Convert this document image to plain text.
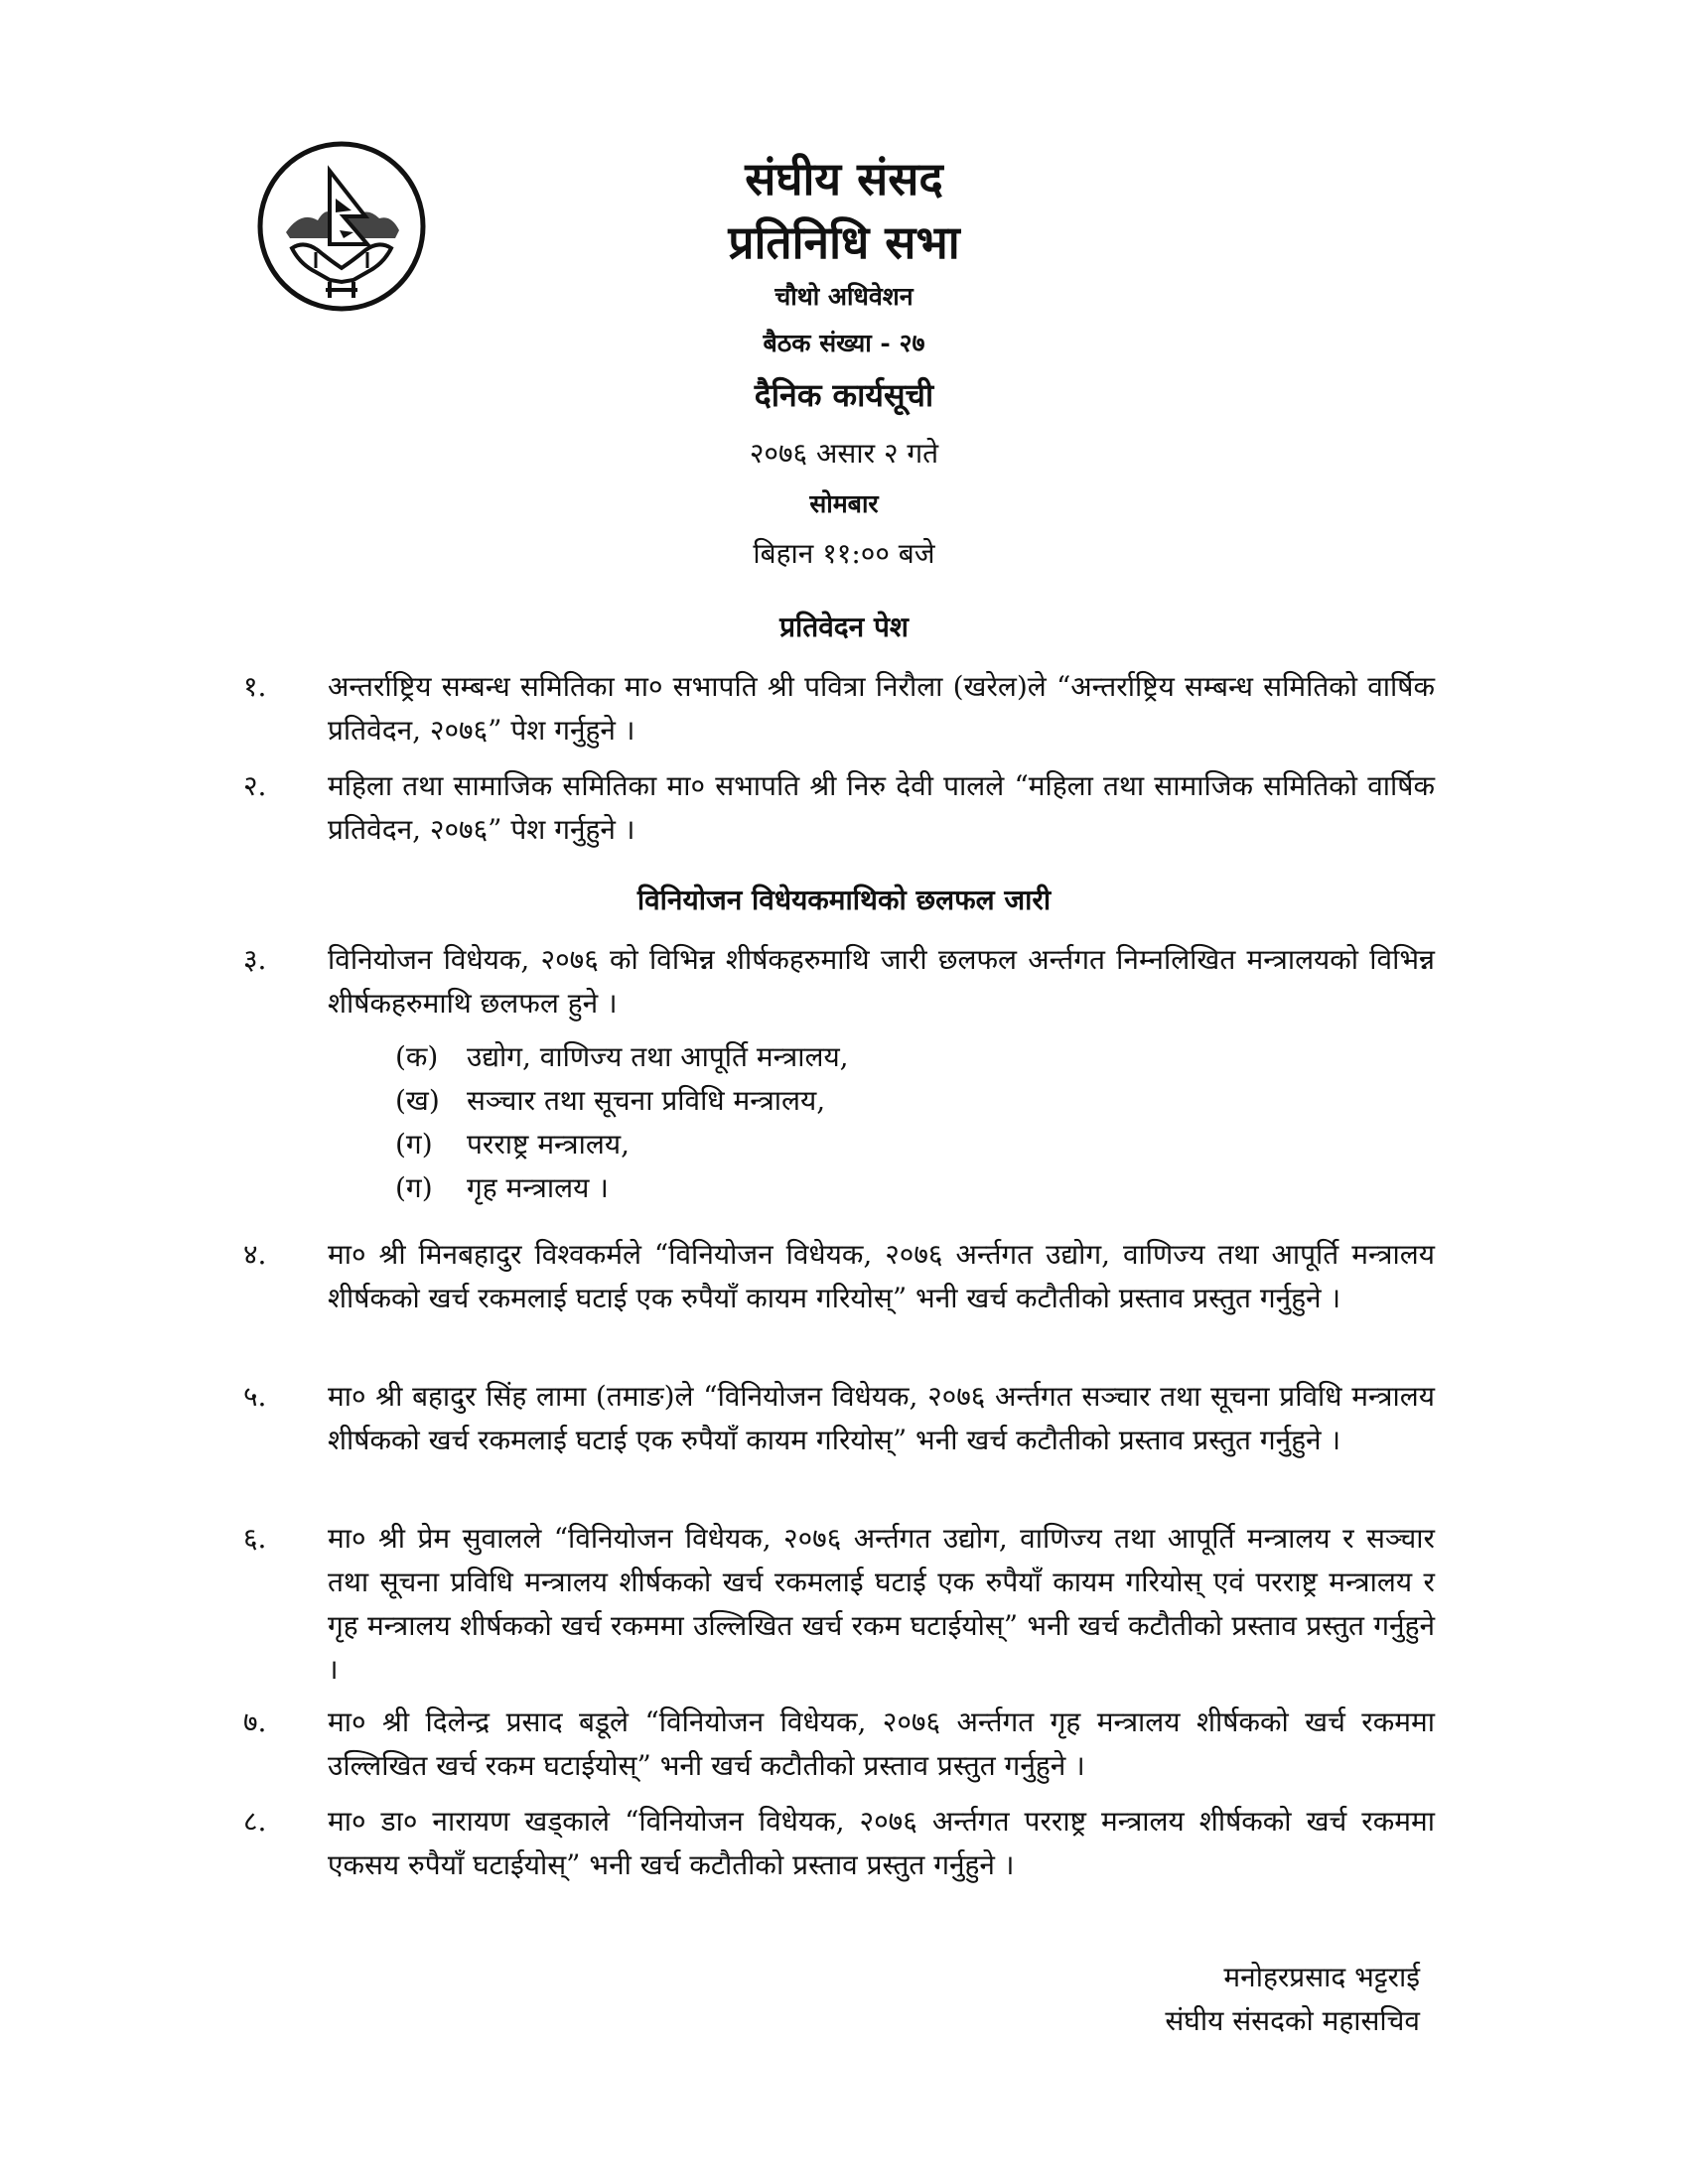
संघीय संसद
प्रतिनिधि सभा
चौथो अधिवेशन
बैठक संख्या - २७
दैनिक कार्यसूची
२०७६ असार २ गते
सोमबार
बिहान ११:०० बजे
प्रतिवेदन पेश
१.	अन्तर्राष्ट्रिय सम्बन्ध समितिका मा० सभापति श्री पवित्रा निरौला (खरेल)ले “अन्तर्राष्ट्रिय सम्बन्ध समितिको वार्षिक प्रतिवेदन, २०७६” पेश गर्नुहुने ।
२.	महिला तथा सामाजिक समितिका मा० सभापति श्री निरु देवी पालले “महिला तथा सामाजिक समितिको वार्षिक प्रतिवेदन, २०७६” पेश गर्नुहुने ।
विनियोजन विधेयकमाथिको छलफल जारी
३.	विनियोजन विधेयक, २०७६ को विभिन्न शीर्षकहरुमाथि जारी छलफल अर्न्तगत निम्नलिखित मन्त्रालयको विभिन्न शीर्षकहरुमाथि छलफल हुने ।
(क) उद्योग, वाणिज्य तथा आपूर्ति मन्त्रालय,
(ख) सञ्चार तथा सूचना प्रविधि मन्त्रालय,
(ग) परराष्ट्र मन्त्रालय,
(ग) गृह मन्त्रालय ।
४.	मा० श्री मिनबहादुर विश्वकर्मले “विनियोजन विधेयक, २०७६ अर्न्तगत उद्योग, वाणिज्य तथा आपूर्ति मन्त्रालय शीर्षकको खर्च रकमलाई घटाई एक रुपैयाँ कायम गरियोस्” भनी खर्च कटौतीको प्रस्ताव प्रस्तुत गर्नुहुने ।
५.	मा० श्री बहादुर सिंह लामा (तमाङ)ले “विनियोजन विधेयक, २०७६ अर्न्तगत सञ्चार तथा सूचना प्रविधि मन्त्रालय शीर्षकको खर्च रकमलाई घटाई एक रुपैयाँ कायम गरियोस्” भनी खर्च कटौतीको प्रस्ताव प्रस्तुत गर्नुहुने ।
६.	मा० श्री प्रेम सुवालले “विनियोजन विधेयक, २०७६ अर्न्तगत उद्योग, वाणिज्य तथा आपूर्ति मन्त्रालय र सञ्चार तथा सूचना प्रविधि मन्त्रालय शीर्षकको खर्च रकमलाई घटाई एक रुपैयाँ कायम गरियोस् एवं परराष्ट्र मन्त्रालय र गृह मन्त्रालय शीर्षकको खर्च रकममा उल्लिखित खर्च रकम घटाईयोस्” भनी खर्च कटौतीको प्रस्ताव प्रस्तुत गर्नुहुने ।
७.	मा० श्री दिलेन्द्र प्रसाद बडूले “विनियोजन विधेयक, २०७६ अर्न्तगत गृह मन्त्रालय शीर्षकको खर्च रकममा उल्लिखित खर्च रकम घटाईयोस्” भनी खर्च कटौतीको प्रस्ताव प्रस्तुत गर्नुहुने ।
८.	मा० डा० नारायण खड्काले “विनियोजन विधेयक, २०७६ अर्न्तगत परराष्ट्र मन्त्रालय शीर्षकको खर्च रकममा एकसय रुपैयाँ घटाईयोस्” भनी खर्च कटौतीको प्रस्ताव प्रस्तुत गर्नुहुने ।
मनोहरप्रसाद भट्टराई
संघीय संसदको महासचिव
